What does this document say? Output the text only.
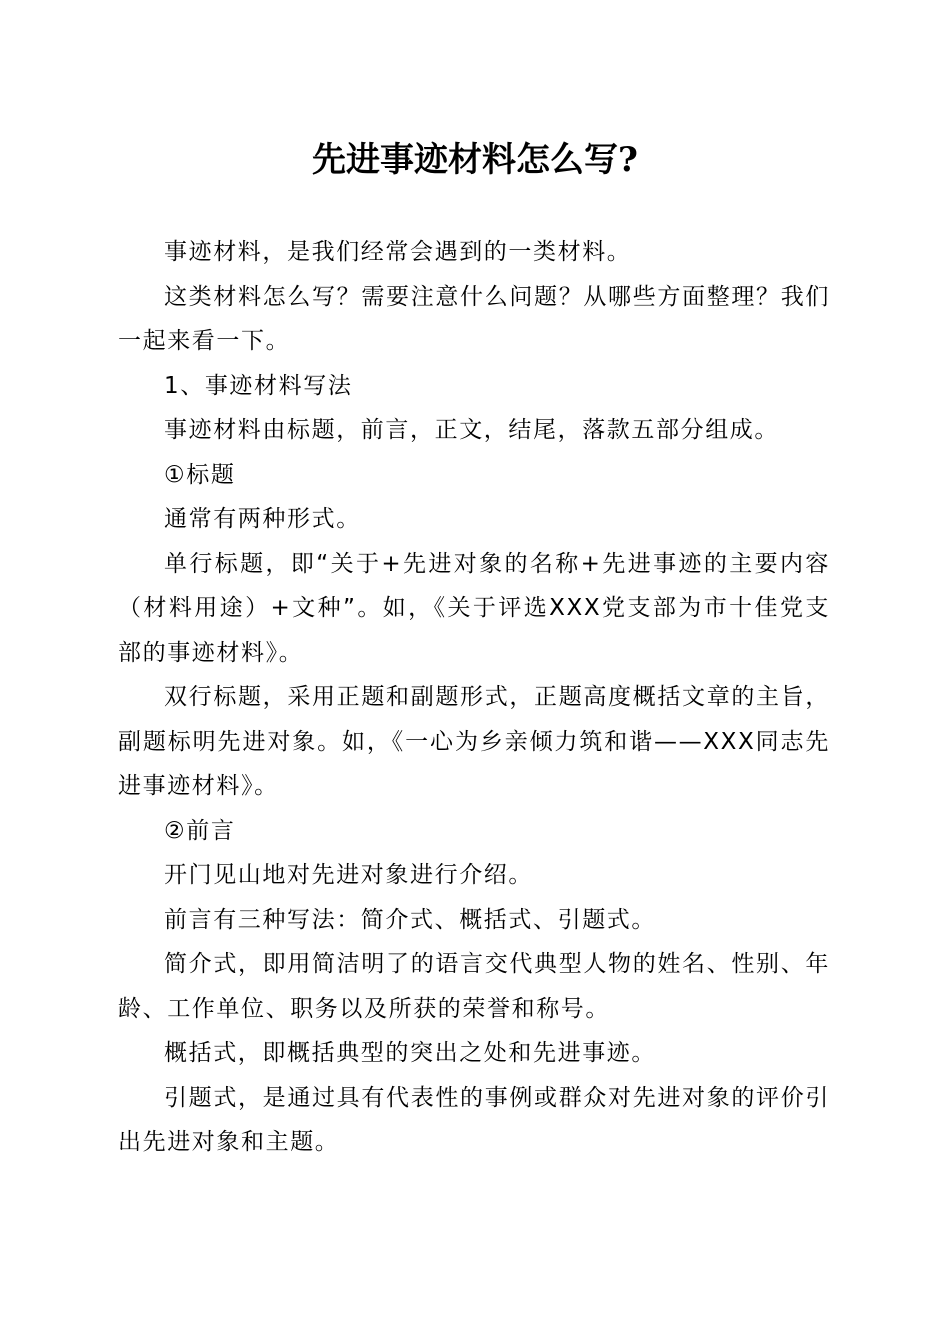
先进事迹材料怎么写?

事迹材料，是我们经常会遇到的一类材料。

这类材料怎么写？需要注意什么问题？从哪些方面整理？我们一起来看一下。

1、事迹材料写法

事迹材料由标题，前言，正文，结尾，落款五部分组成。

①标题

通常有两种形式。

单行标题，即“关于+先进对象的名称+先进事迹的主要内容（材料用途）+文种”。如，《关于评选XXX党支部为市十佳党支部的事迹材料》。

双行标题，采用正题和副题形式，正题高度概括文章的主旨，副题标明先进对象。如，《一心为乡亲倾力筑和谐——XXX同志先进事迹材料》。

②前言

开门见山地对先进对象进行介绍。

前言有三种写法：简介式、概括式、引题式。

简介式，即用简洁明了的语言交代典型人物的姓名、性别、年龄、工作单位、职务以及所获的荣誉和称号。

概括式，即概括典型的突出之处和先进事迹。

引题式，是通过具有代表性的事例或群众对先进对象的评价引出先进对象和主题。
